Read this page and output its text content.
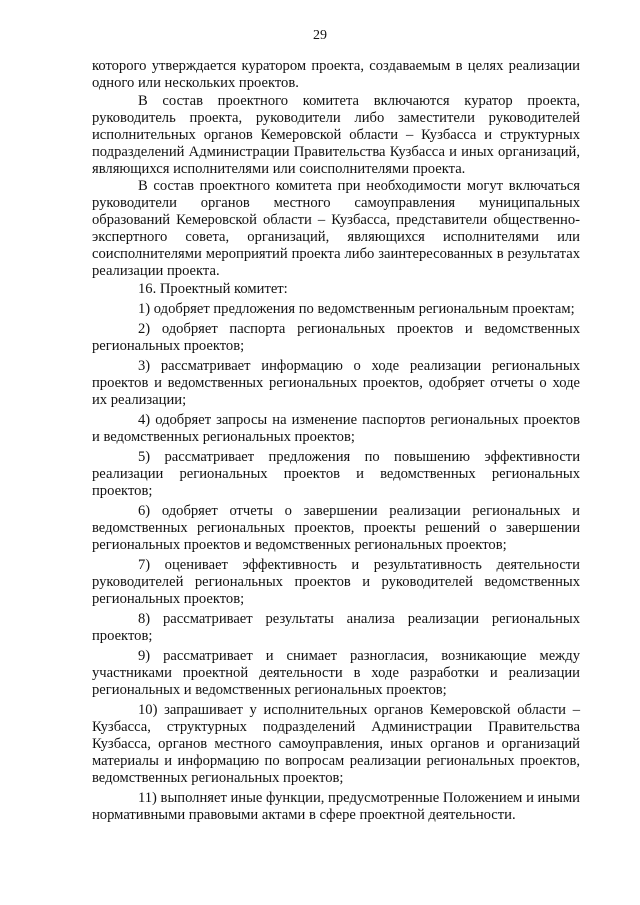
29

которого утверждается куратором проекта, создаваемым в целях реализации одного или нескольких проектов.

В состав проектного комитета включаются куратор проекта, руководитель проекта, руководители либо заместители руководителей исполнительных органов Кемеровской области – Кузбасса и структурных подразделений Администрации Правительства Кузбасса и иных организаций, являющихся исполнителями или соисполнителями проекта.

В состав проектного комитета при необходимости могут включаться руководители органов местного самоуправления муниципальных образований Кемеровской области – Кузбасса, представители общественно-экспертного совета, организаций, являющихся исполнителями или соисполнителями мероприятий проекта либо заинтересованных в результатах реализации проекта.

16. Проектный комитет:

1) одобряет предложения по ведомственным региональным проектам;

2) одобряет паспорта региональных проектов и ведомственных региональных проектов;

3) рассматривает информацию о ходе реализации региональных проектов и ведомственных региональных проектов, одобряет отчеты о ходе их реализации;

4) одобряет запросы на изменение паспортов региональных проектов и ведомственных региональных проектов;

5) рассматривает предложения по повышению эффективности реализации региональных проектов и ведомственных региональных проектов;

6) одобряет отчеты о завершении реализации региональных и ведомственных региональных проектов, проекты решений о завершении региональных проектов и ведомственных региональных проектов;

7) оценивает эффективность и результативность деятельности руководителей региональных проектов и руководителей ведомственных региональных проектов;

8) рассматривает результаты анализа реализации региональных проектов;

9) рассматривает и снимает разногласия, возникающие между участниками проектной деятельности в ходе разработки и реализации региональных и ведомственных региональных проектов;

10) запрашивает у исполнительных органов Кемеровской области – Кузбасса, структурных подразделений Администрации Правительства Кузбасса, органов местного самоуправления, иных органов и организаций материалы и информацию по вопросам реализации региональных проектов, ведомственных региональных проектов;

11) выполняет иные функции, предусмотренные Положением и иными нормативными правовыми актами в сфере проектной деятельности.
